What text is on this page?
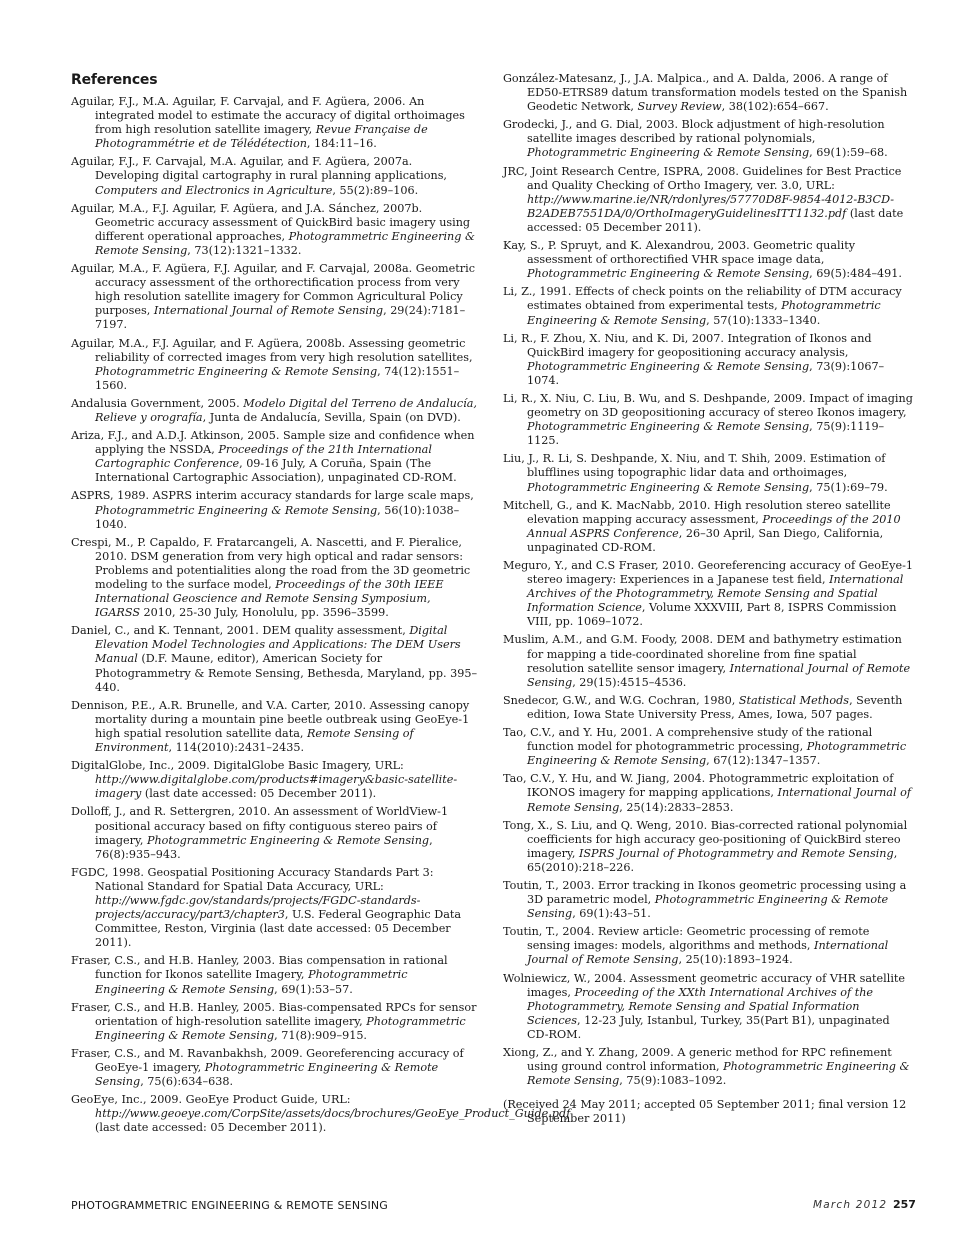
References
Aguilar, F.J., M.A. Aguilar, F. Carvajal, and F. Agüera, 2006. An integrated model to estimate the accuracy of digital orthoimages from high resolution satellite imagery, Revue Française de Photogrammétrie et de Télédétection, 184:11–16.
Aguilar, F.J., F. Carvajal, M.A. Aguilar, and F. Agüera, 2007a. Developing digital cartography in rural planning applications, Computers and Electronics in Agriculture, 55(2):89–106.
Aguilar, M.A., F.J. Aguilar, F. Agüera, and J.A. Sánchez, 2007b. Geometric accuracy assessment of QuickBird basic imagery using different operational approaches, Photogrammetric Engineering & Remote Sensing, 73(12):1321–1332.
Aguilar, M.A., F. Agüera, F.J. Aguilar, and F. Carvajal, 2008a. Geometric accuracy assessment of the orthorectification process from very high resolution satellite imagery for Common Agricultural Policy purposes, International Journal of Remote Sensing, 29(24):7181–7197.
Aguilar, M.A., F.J. Aguilar, and F. Agüera, 2008b. Assessing geometric reliability of corrected images from very high resolution satellites, Photogrammetric Engineering & Remote Sensing, 74(12):1551–1560.
Andalusia Government, 2005. Modelo Digital del Terreno de Andalucía, Relieve y orografía, Junta de Andalucía, Sevilla, Spain (on DVD).
Ariza, F.J., and A.D.J. Atkinson, 2005. Sample size and confidence when applying the NSSDA, Proceedings of the 21th International Cartographic Conference, 09-16 July, A Coruña, Spain (The International Cartographic Association), unpaginated CD-ROM.
ASPRS, 1989. ASPRS interim accuracy standards for large scale maps, Photogrammetric Engineering & Remote Sensing, 56(10):1038–1040.
Crespi, M., P. Capaldo, F. Fratarcangeli, A. Nascetti, and F. Pieralice, 2010. DSM generation from very high optical and radar sensors: Problems and potentialities along the road from the 3D geometric modeling to the surface model, Proceedings of the 30th IEEE International Geoscience and Remote Sensing Symposium, IGARSS 2010, 25-30 July, Honolulu, pp. 3596–3599.
Daniel, C., and K. Tennant, 2001. DEM quality assessment, Digital Elevation Model Technologies and Applications: The DEM Users Manual (D.F. Maune, editor), American Society for Photogrammetry & Remote Sensing, Bethesda, Maryland, pp. 395–440.
Dennison, P.E., A.R. Brunelle, and V.A. Carter, 2010. Assessing canopy mortality during a mountain pine beetle outbreak using GeoEye-1 high spatial resolution satellite data, Remote Sensing of Environment, 114(2010):2431–2435.
DigitalGlobe, Inc., 2009. DigitalGlobe Basic Imagery, URL: http://www.digitalglobe.com/products#imagery&basic-satellite-imagery (last date accessed: 05 December 2011).
Dolloff, J., and R. Settergren, 2010. An assessment of WorldView-1 positional accuracy based on fifty contiguous stereo pairs of imagery, Photogrammetric Engineering & Remote Sensing, 76(8):935–943.
FGDC, 1998. Geospatial Positioning Accuracy Standards Part 3: National Standard for Spatial Data Accuracy, URL: http://www.fgdc.gov/standards/projects/FGDC-standards- projects/accuracy/part3/chapter3, U.S. Federal Geographic Data Committee, Reston, Virginia (last date accessed: 05 December 2011).
Fraser, C.S., and H.B. Hanley, 2003. Bias compensation in rational function for Ikonos satellite Imagery, Photogrammetric Engineering & Remote Sensing, 69(1):53–57.
Fraser, C.S., and H.B. Hanley, 2005. Bias-compensated RPCs for sensor orientation of high-resolution satellite imagery, Photogrammetric Engineering & Remote Sensing, 71(8):909–915.
Fraser, C.S., and M. Ravanbakhsh, 2009. Georeferencing accuracy of GeoEye-1 imagery, Photogrammetric Engineering & Remote Sensing, 75(6):634–638.
GeoEye, Inc., 2009. GeoEye Product Guide, URL: http://www.geoeye.com/CorpSite/assets/docs/brochures/GeoEye_Product_Guide.pdf (last date accessed: 05 December 2011).
González-Matesanz, J., J.A. Malpica., and A. Dalda, 2006. A range of ED50-ETRS89 datum transformation models tested on the Spanish Geodetic Network, Survey Review, 38(102):654–667.
Grodecki, J., and G. Dial, 2003. Block adjustment of high-resolution satellite images described by rational polynomials, Photogrammetric Engineering & Remote Sensing, 69(1):59–68.
JRC, Joint Research Centre, ISPRA, 2008. Guidelines for Best Practice and Quality Checking of Ortho Imagery, ver. 3.0, URL: http://www.marine.ie/NR/rdonlyres/57770D8F-9854-4012-B3CD-B2ADEB7551DA/0/OrthoImageryGuidelinesITT1132.pdf (last date accessed: 05 December 2011).
Kay, S., P. Spruyt, and K. Alexandrou, 2003. Geometric quality assessment of orthorectified VHR space image data, Photogrammetric Engineering & Remote Sensing, 69(5):484–491.
Li, Z., 1991. Effects of check points on the reliability of DTM accuracy estimates obtained from experimental tests, Photogrammetric Engineering & Remote Sensing, 57(10):1333–1340.
Li, R., F. Zhou, X. Niu, and K. Di, 2007. Integration of Ikonos and QuickBird imagery for geopositioning accuracy analysis, Photogrammetric Engineering & Remote Sensing, 73(9):1067–1074.
Li, R., X. Niu, C. Liu, B. Wu, and S. Deshpande, 2009. Impact of imaging geometry on 3D geopositioning accuracy of stereo Ikonos imagery, Photogrammetric Engineering & Remote Sensing, 75(9):1119–1125.
Liu, J., R. Li, S. Deshpande, X. Niu, and T. Shih, 2009. Estimation of blufflines using topographic lidar data and orthoimages, Photogrammetric Engineering & Remote Sensing, 75(1):69–79.
Mitchell, G., and K. MacNabb, 2010. High resolution stereo satellite elevation mapping accuracy assessment, Proceedings of the 2010 Annual ASPRS Conference, 26–30 April, San Diego, California, unpaginated CD-ROM.
Meguro, Y., and C.S Fraser, 2010. Georeferencing accuracy of GeoEye-1 stereo imagery: Experiences in a Japanese test field, International Archives of the Photogrammetry, Remote Sensing and Spatial Information Science, Volume XXXVIII, Part 8, ISPRS Commission VIII, pp. 1069–1072.
Muslim, A.M., and G.M. Foody, 2008. DEM and bathymetry estimation for mapping a tide-coordinated shoreline from fine spatial resolution satellite sensor imagery, International Journal of Remote Sensing, 29(15):4515–4536.
Snedecor, G.W., and W.G. Cochran, 1980, Statistical Methods, Seventh edition, Iowa State University Press, Ames, Iowa, 507 pages.
Tao, C.V., and Y. Hu, 2001. A comprehensive study of the rational function model for photogrammetric processing, Photogrammetric Engineering & Remote Sensing, 67(12):1347–1357.
Tao, C.V., Y. Hu, and W. Jiang, 2004. Photogrammetric exploitation of IKONOS imagery for mapping applications, International Journal of Remote Sensing, 25(14):2833–2853.
Tong, X., S. Liu, and Q. Weng, 2010. Bias-corrected rational polynomial coefficients for high accuracy geo-positioning of QuickBird stereo imagery, ISPRS Journal of Photogrammetry and Remote Sensing, 65(2010):218–226.
Toutin, T., 2003. Error tracking in Ikonos geometric processing using a 3D parametric model, Photogrammetric Engineering & Remote Sensing, 69(1):43–51.
Toutin, T., 2004. Review article: Geometric processing of remote sensing images: models, algorithms and methods, International Journal of Remote Sensing, 25(10):1893–1924.
Wolniewicz, W., 2004. Assessment geometric accuracy of VHR satellite images, Proceeding of the XXth International Archives of the Photogrammetry, Remote Sensing and Spatial Information Sciences, 12-23 July, Istanbul, Turkey, 35(Part B1), unpaginated CD-ROM.
Xiong, Z., and Y. Zhang, 2009. A generic method for RPC refinement using ground control information, Photogrammetric Engineering & Remote Sensing, 75(9):1083–1092.
(Received 24 May 2011; accepted 05 September 2011; final version 12 September 2011)
PHOTOGRAMMETRIC ENGINEERING & REMOTE SENSING	March 2012 257
